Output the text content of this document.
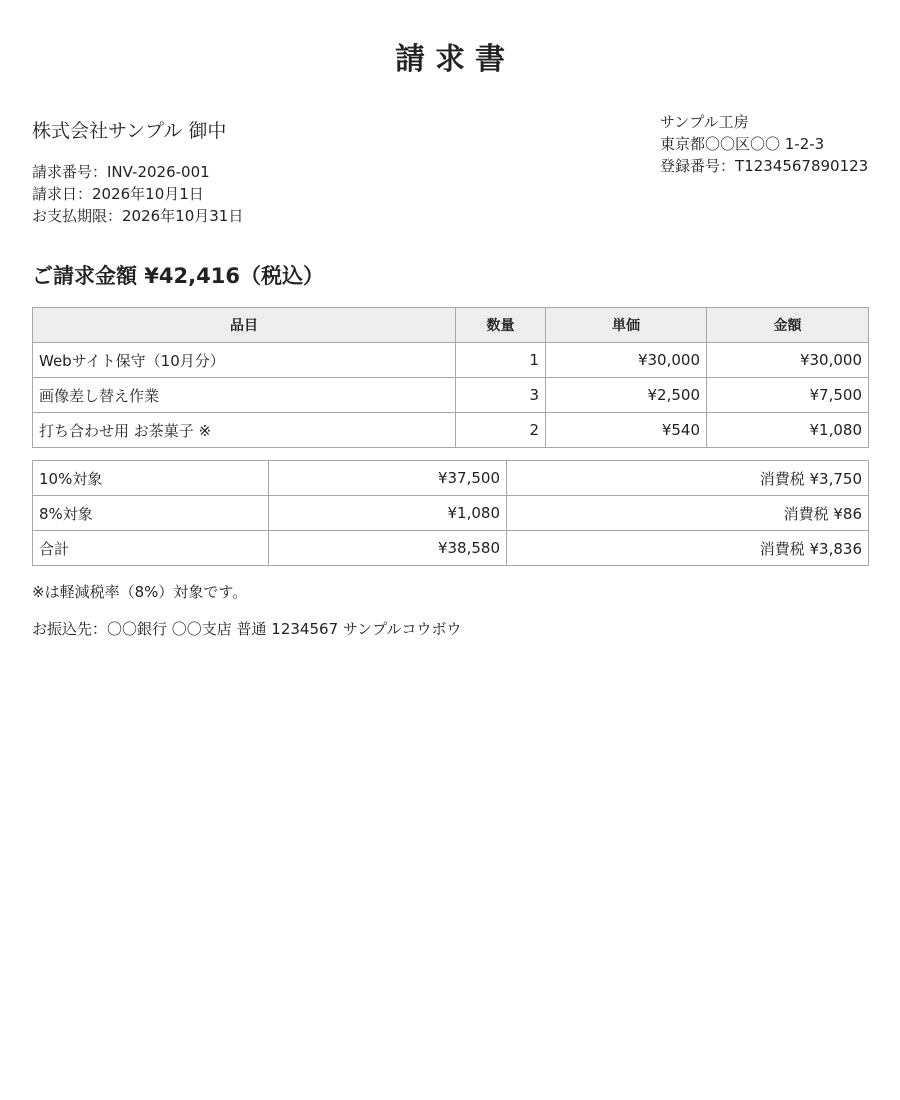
請求書
株式会社サンプル 御中
請求番号：INV-2026-001
請求日：2026年10月1日
お支払期限：2026年10月31日
サンプル工房
東京都〇〇区〇〇 1-2-3
登録番号：T1234567890123
ご請求金額 ¥42,416（税込）
品目	数量	単価	金額
Webサイト保守（10月分）	1	¥30,000	¥30,000
画像差し替え作業	3	¥2,500	¥7,500
打ち合わせ用 お茶菓子 ※	2	¥540	¥1,080
10%対象	¥37,500	消費税 ¥3,750
8%対象	¥1,080	消費税 ¥86
合計	¥38,580	消費税 ¥3,836
※は軽減税率（8%）対象です。
お振込先：〇〇銀行 〇〇支店 普通 1234567 サンプルコウボウ
